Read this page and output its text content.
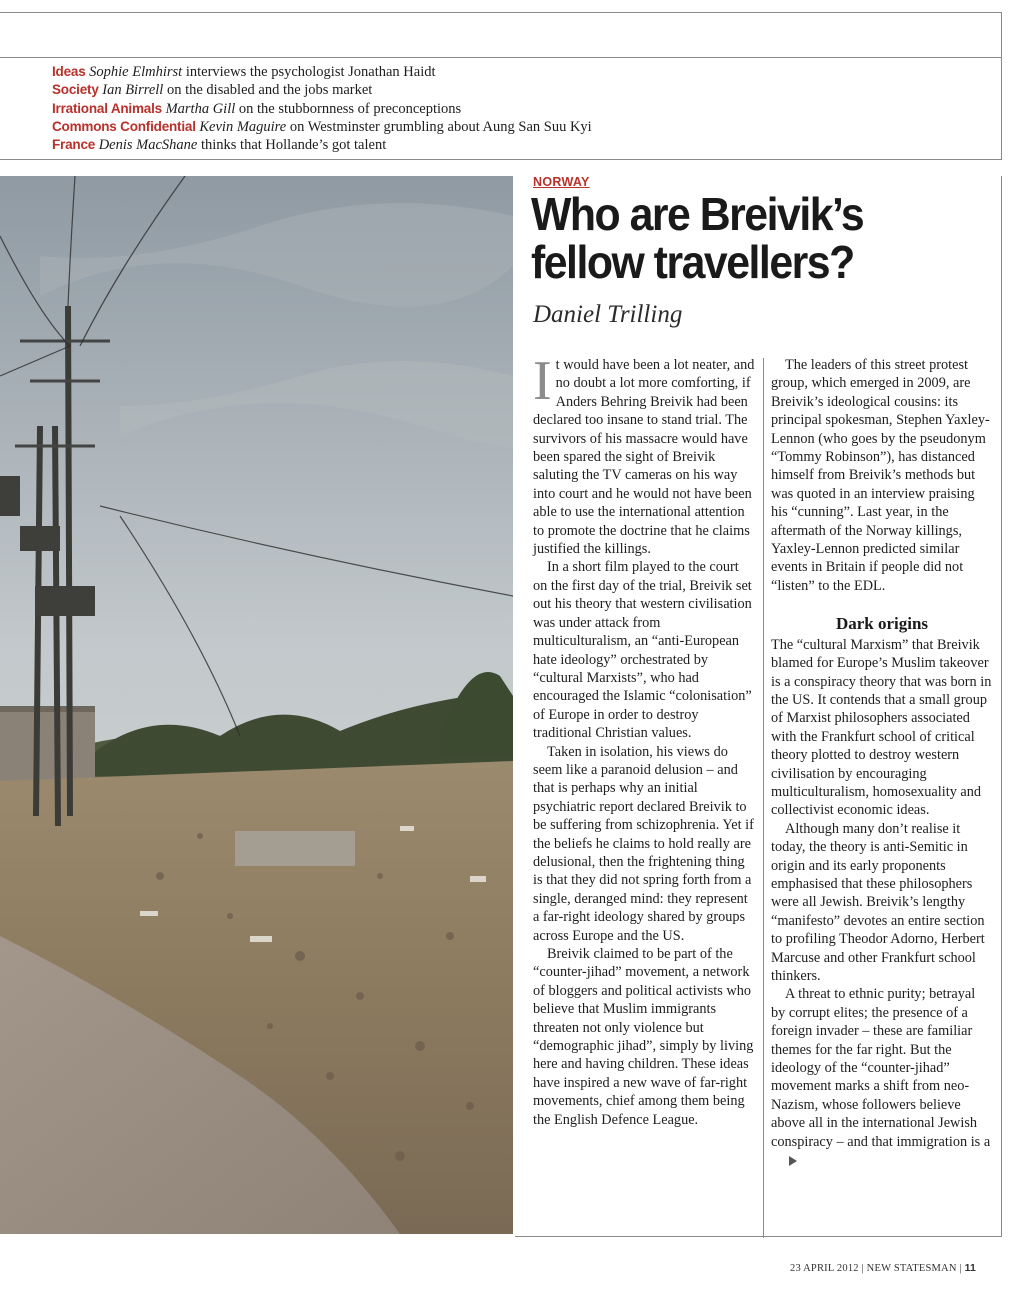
Ideas Sophie Elmhirst interviews the psychologist Jonathan Haidt
Society Ian Birrell on the disabled and the jobs market
Irrational Animals Martha Gill on the stubbornness of preconceptions
Commons Confidential Kevin Maguire on Westminster grumbling about Aung San Suu Kyi
France Denis MacShane thinks that Hollande’s got talent
NORWAY
Who are Breivik’s fellow travellers?
Daniel Trilling

It would have been a lot neater, and no doubt a lot more comforting, if Anders Behring Breivik had been declared too insane to stand trial. The survivors of his massacre would have been spared the sight of Breivik saluting the TV cameras on his way into court and he would not have been able to use the international attention to promote the doctrine that he claims justified the killings.

In a short film played to the court on the first day of the trial, Breivik set out his theory that western civilisation was under attack from multiculturalism, an “anti-European hate ideology” orchestrated by “cultural Marxists”, who had encouraged the Islamic “colonisation” of Europe in order to destroy traditional Christian values.

Taken in isolation, his views do seem like a paranoid delusion – and that is perhaps why an initial psychiatric report declared Breivik to be suffering from schizophrenia. Yet if the beliefs he claims to hold really are delusional, then the frightening thing is that they did not spring forth from a single, deranged mind: they represent a far-right ideology shared by groups across Europe and the US.

Breivik claimed to be part of the “counter-jihad” movement, a network of bloggers and political activists who believe that Muslim immigrants threaten not only violence but “demographic jihad”, simply by living here and having children. These ideas have inspired a new wave of far-right movements, chief among them being the English Defence League.

The leaders of this street protest group, which emerged in 2009, are Breivik’s ideological cousins: its principal spokesman, Stephen Yaxley-Lennon (who goes by the pseudonym “Tommy Robinson”), has distanced himself from Breivik’s methods but was quoted in an interview praising his “cunning”. Last year, in the aftermath of the Norway killings, Yaxley-Lennon predicted similar events in Britain if people did not “listen” to the EDL.

Dark origins

The “cultural Marxism” that Breivik blamed for Europe’s Muslim takeover is a conspiracy theory that was born in the US. It contends that a small group of Marxist philosophers associated with the Frankfurt school of critical theory plotted to destroy western civilisation by encouraging multiculturalism, homosexuality and collectivist economic ideas.

Although many don’t realise it today, the theory is anti-Semitic in origin and its early proponents emphasised that these philosophers were all Jewish. Breivik’s lengthy “manifesto” devotes an entire section to profiling Theodor Adorno, Herbert Marcuse and other Frankfurt school thinkers.

A threat to ethnic purity; betrayal by corrupt elites; the presence of a foreign invader – these are familiar themes for the far right. But the ideology of the “counter-jihad” movement marks a shift from neo-Nazism, whose followers believe above all in the international Jewish conspiracy – and that immigration is a

23 APRIL 2012 | NEW STATESMAN | 11
